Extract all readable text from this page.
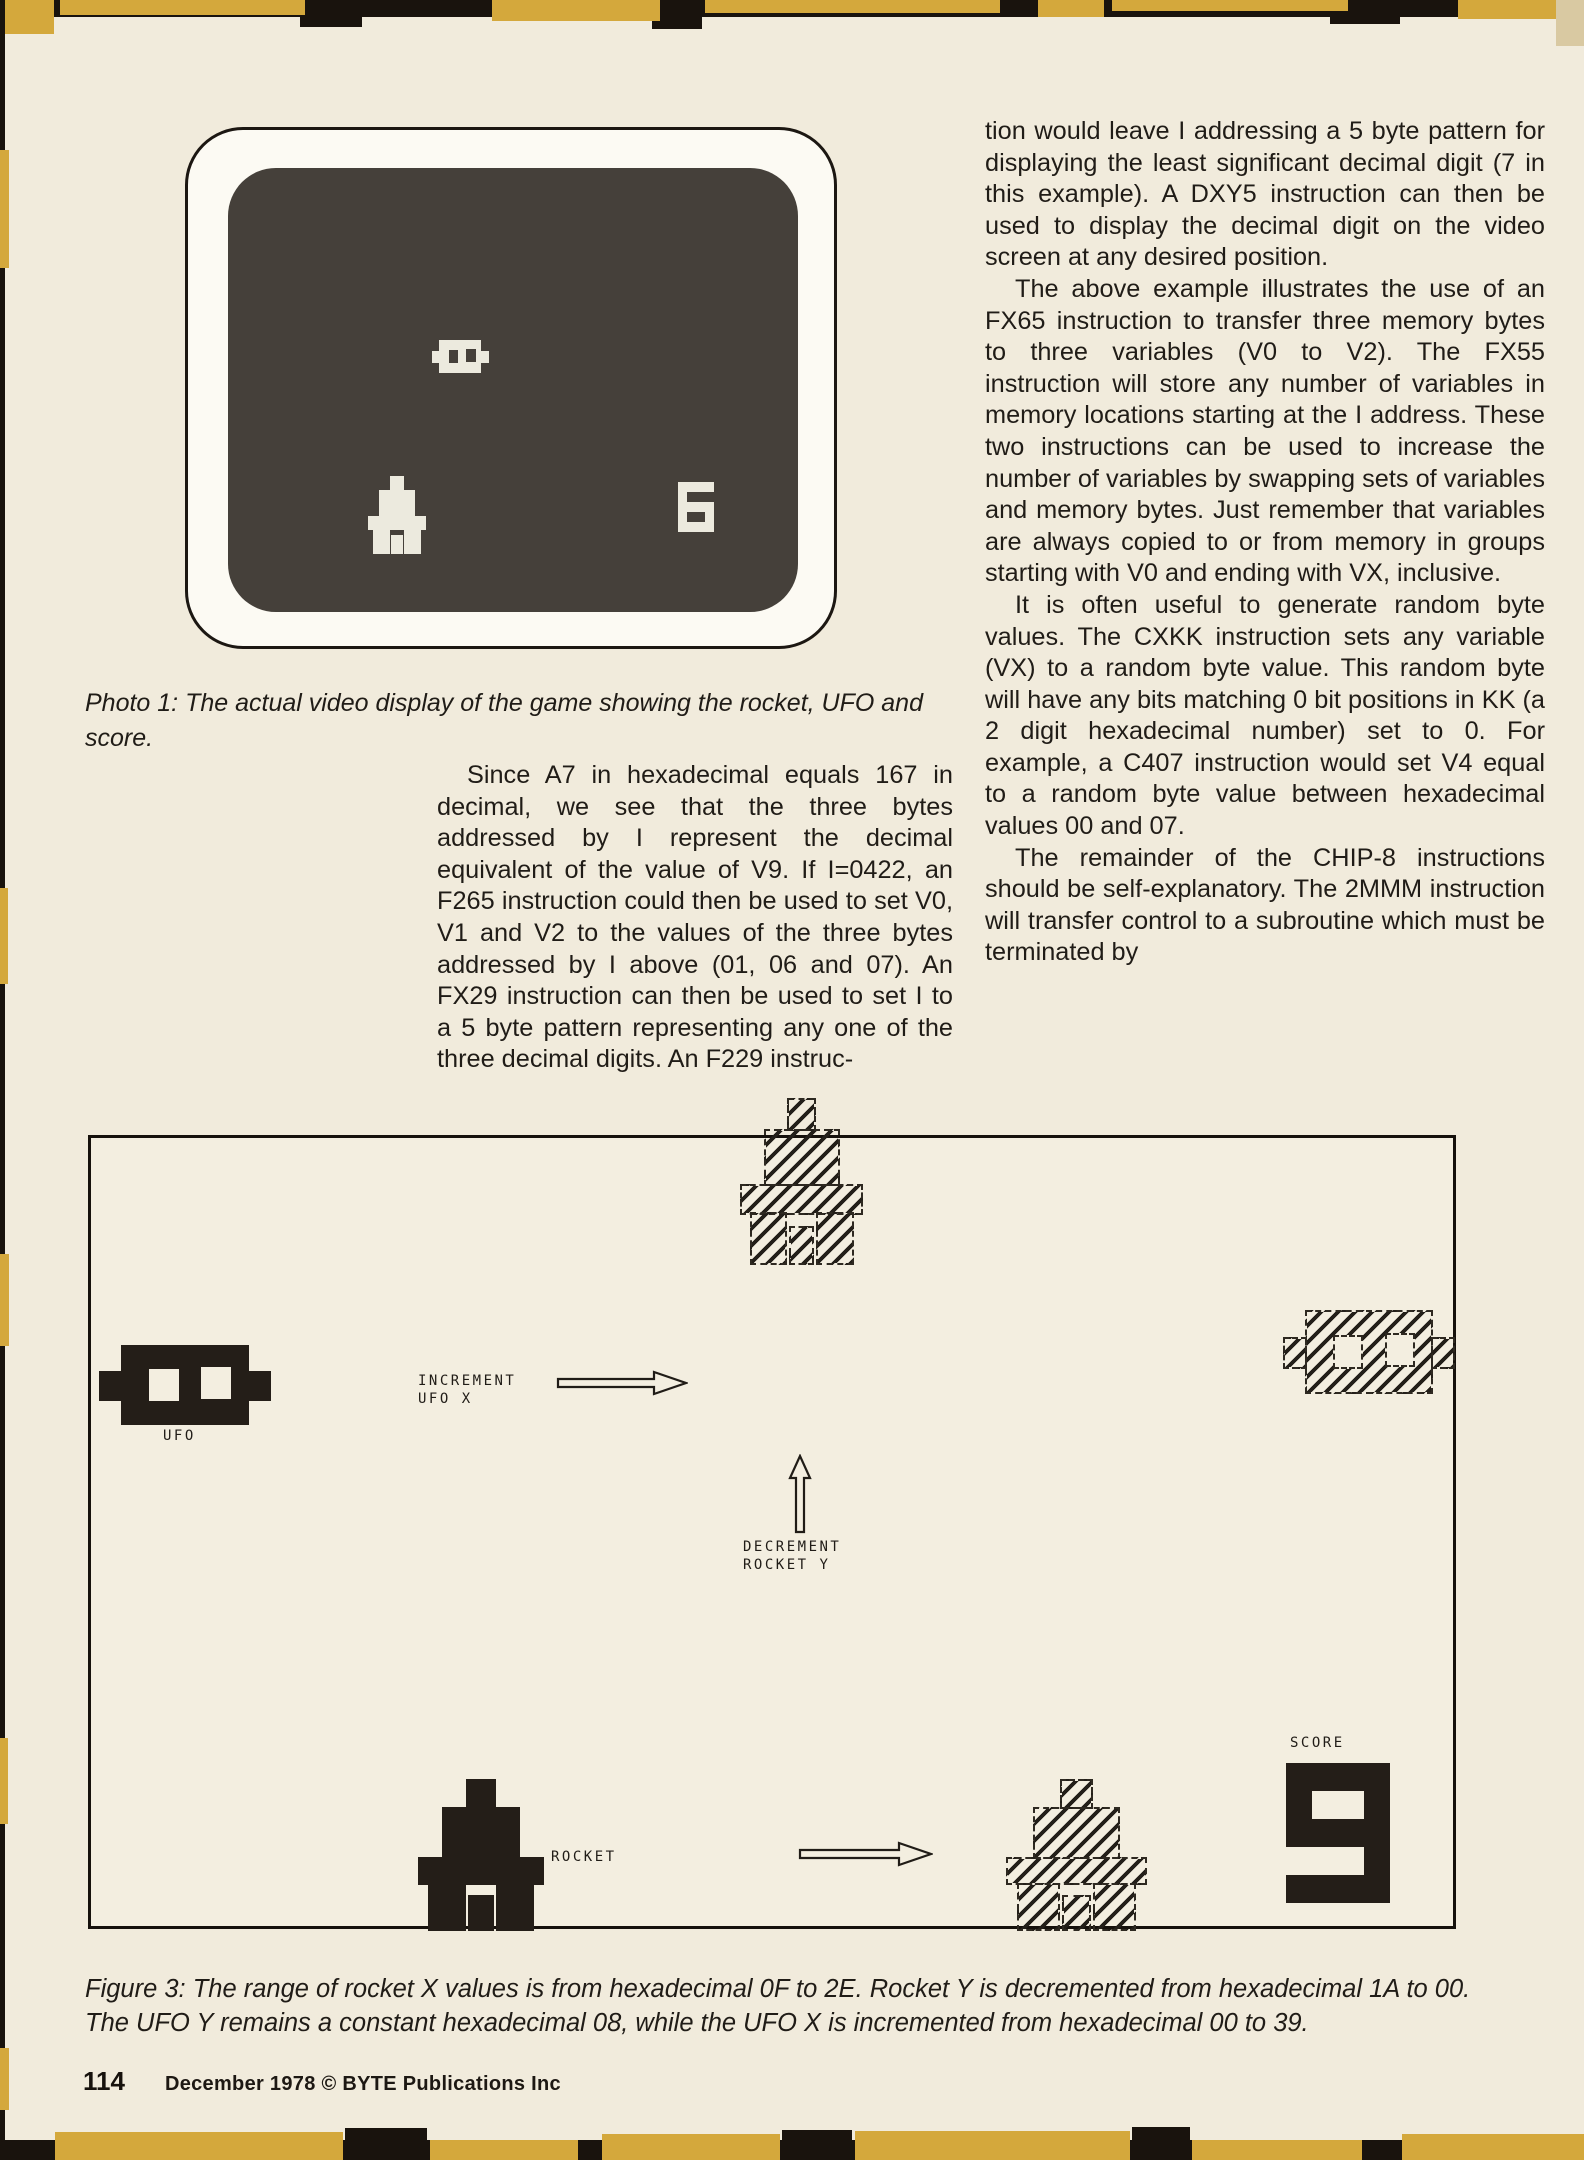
Photo 1: The actual video display of the game showing the rocket, UFO and score.

Since A7 in hexadecimal equals 167 in decimal, we see that the three bytes addressed by I represent the decimal equivalent of the value of V9. If I=0422, an F265 instruction could then be used to set V0, V1 and V2 to the values of the three bytes addressed by I above (01, 06 and 07). An FX29 instruction can then be used to set I to a 5 byte pattern representing any one of the three decimal digits. An F229 instruc-

tion would leave I addressing a 5 byte pattern for displaying the least significant decimal digit (7 in this example). A DXY5 instruction can then be used to display the decimal digit on the video screen at any desired position.

The above example illustrates the use of an FX65 instruction to transfer three memory bytes to three variables (V0 to V2). The FX55 instruction will store any number of variables in memory locations starting at the I address. These two instructions can be used to increase the number of variables by swapping sets of variables and memory bytes. Just remember that variables are always copied to or from memory in groups starting with V0 and ending with VX, inclusive.

It is often useful to generate random byte values. The CXKK instruction sets any variable (VX) to a random byte value. This random byte will have any bits matching 0 bit positions in KK (a 2 digit hexadecimal number) set to 0. For example, a C407 instruction would set V4 equal to a random byte value between hexadecimal values 00 and 07.

The remainder of the CHIP-8 instructions should be self-explanatory. The 2MMM instruction will transfer control to a subroutine which must be terminated by

UFO
INCREMENT
UFO X
DECREMENT
ROCKET Y
ROCKET
SCORE

Figure 3: The range of rocket X values is from hexadecimal 0F to 2E. Rocket Y is decremented from hexadecimal 1A to 00. The UFO Y remains a constant hexadecimal 08, while the UFO X is incremented from hexadecimal 00 to 39.

114 December 1978 © BYTE Publications Inc
